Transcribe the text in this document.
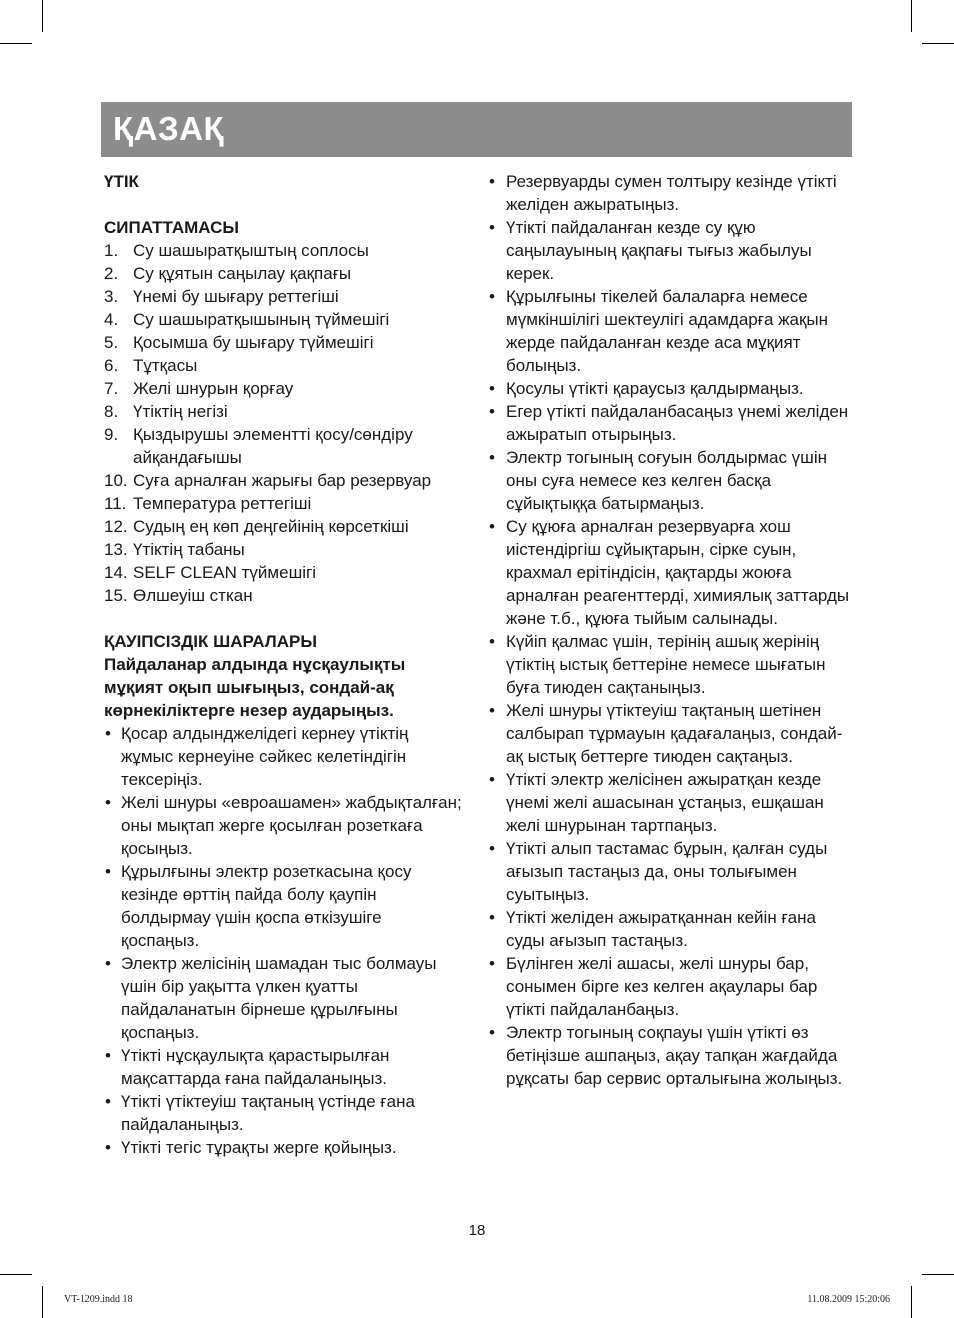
ҚАЗАҚ

ҮТІК

СИПАТТАМАСЫ

1. Су шашыратқыштың соплосы
2. Су құятын саңылау қақпағы
3. Үнемі бу шығару реттегіші
4. Су шашыратқышының түймешігі
5. Қосымша бу шығару түймешігі
6. Тұтқасы
7. Желі шнурын қорғау
8. Үтіктің негізі
9. Қыздырушы элементті қосу/сөндіру айқандағышы
10. Суға арналған жарығы бар резервуар
11. Температура реттегіші
12. Судың ең көп деңгейінің көрсеткіші
13. Үтіктің табаны
14. SELF CLEAN түймешігі
15. Өлшеуіш сткан

ҚАУІПСІЗДІК ШАРАЛАРЫ

Пайдаланар алдында нұсқаулықты мұқият оқып шығыңыз, сондай-ақ көрнекіліктерге незер аударыңыз.

• Қосар алдынджелідегі кернеу үтіктің жұмыс кернеуіне сәйкес келетіндігін тексеріңіз.
• Желі шнуры «евроашамен» жабдықталған; оны мықтап жерге қосылған розеткаға қосыңыз.
• Құрылғыны электр розеткасына қосу кезінде өрттің пайда болу қаупін болдырмау үшін қоспа өткізушіге қоспаңыз.
• Электр желісінің шамадан тыс болмауы үшін бір уақытта үлкен қуатты пайдаланатын бірнеше құрылғыны қоспаңыз.
• Үтікті нұсқаулықта қарастырылған мақсаттарда ғана пайдаланыңыз.
• Үтікті үтіктеуіш тақтаның үстінде ғана пайдаланыңыз.
• Үтікті тегіс тұрақты жерге қойыңыз.
• Резервуарды сумен толтыру кезінде үтікті желіден ажыратыңыз.
• Үтікті пайдаланған кезде су құю саңылауының қақпағы тығыз жабылуы керек.
• Құрылғыны тікелей балаларға немесе мүмкіншілігі шектеулігі адамдарға жақын жерде пайдаланған кезде аса мұқият болыңыз.
• Қосулы үтікті қараусыз қалдырмаңыз.
• Егер үтікті пайдаланбасаңыз үнемі желіден ажыратып отырыңыз.
• Электр тогының соғуын болдырмас үшін оны суға немесе кез келген басқа сұйықтыққа батырмаңыз.
• Су құюға арналған резервуарға хош иістендіргіш сұйықтарын, сірке суын, крахмал ерітіндісін, қақтарды жоюға арналған реагенттерді, химиялық заттарды және т.б., құюға тыйым салынады.
• Күйіп қалмас үшін, терінің ашық жерінің үтіктің ыстық беттеріне немесе шығатын буға тиюден сақтаныңыз.
• Желі шнуры үтіктеуіш тақтаның шетінен салбырап тұрмауын қадағалаңыз, сондай-ақ ыстық беттерге тиюден сақтаңыз.
• Үтікті электр желісінен ажыратқан кезде үнемі желі ашасынан ұстаңыз, ешқашан желі шнурынан тартпаңыз.
• Үтікті алып тастамас бұрын, қалған суды ағызып тастаңыз да, оны толығымен суытыңыз.
• Үтікті желіден ажыратқаннан кейін ғана суды ағызып тастаңыз.
• Бүлінген желі ашасы, желі шнуры бар, сонымен бірге кез келген ақаулары бар үтікті пайдаланбаңыз.
• Электр тогының соқпауы үшін үтікті өз бетіңізше ашпаңыз, ақау тапқан жағдайда рұқсаты бар сервис орталығына жолыңыз.
18
VT-1209.indd 18	11.08.2009 15:20:06
